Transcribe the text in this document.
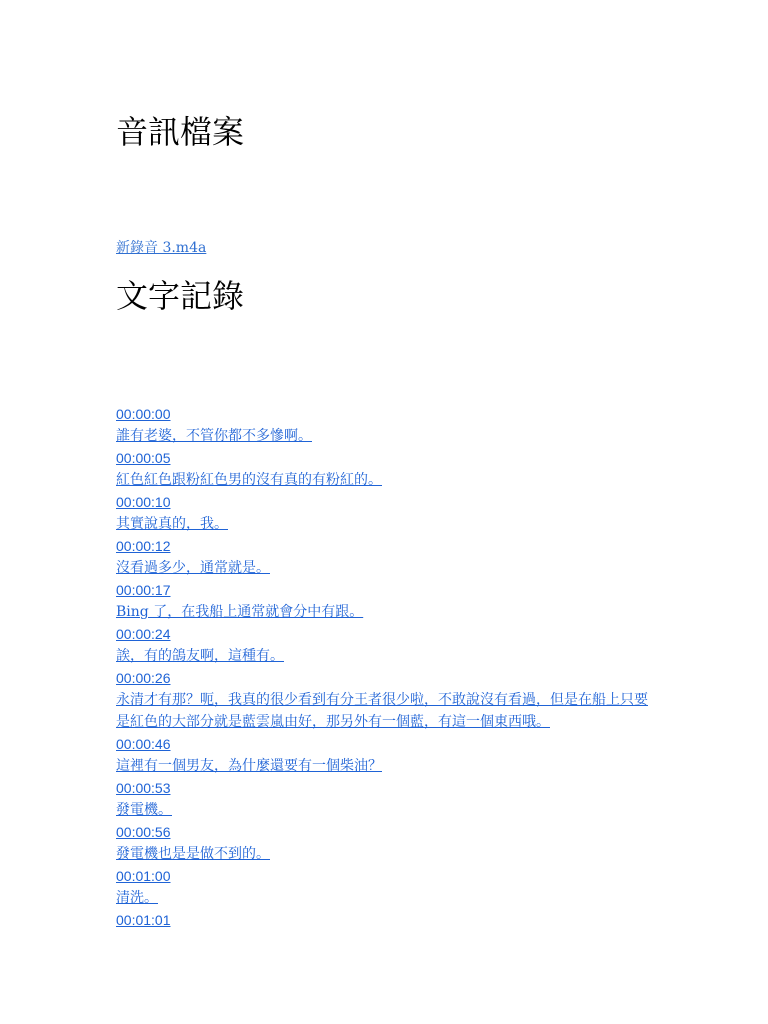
音訊檔案
新錄音 3.m4a
文字記錄
00:00:00
誰有老婆，不管你都不多慘啊。
00:00:05
紅色紅色跟粉紅色男的沒有真的有粉紅的。
00:00:10
其實說真的，我。
00:00:12
沒看過多少，通常就是。
00:00:17
Bing 了，在我船上通常就會分中有跟。
00:00:24
誒，有的鴿友啊，這種有。
00:00:26
永清才有那？呃，我真的很少看到有分王者很少啦，不敢說沒有看過，但是在船上只要是紅色的大部分就是藍雲嵐由好，那另外有一個藍，有這一個東西哦。
00:00:46
這裡有一個男友，為什麼還要有一個柴油？
00:00:53
發電機。
00:00:56
發電機也是是做不到的。
00:01:00
清洗。
00:01:01
